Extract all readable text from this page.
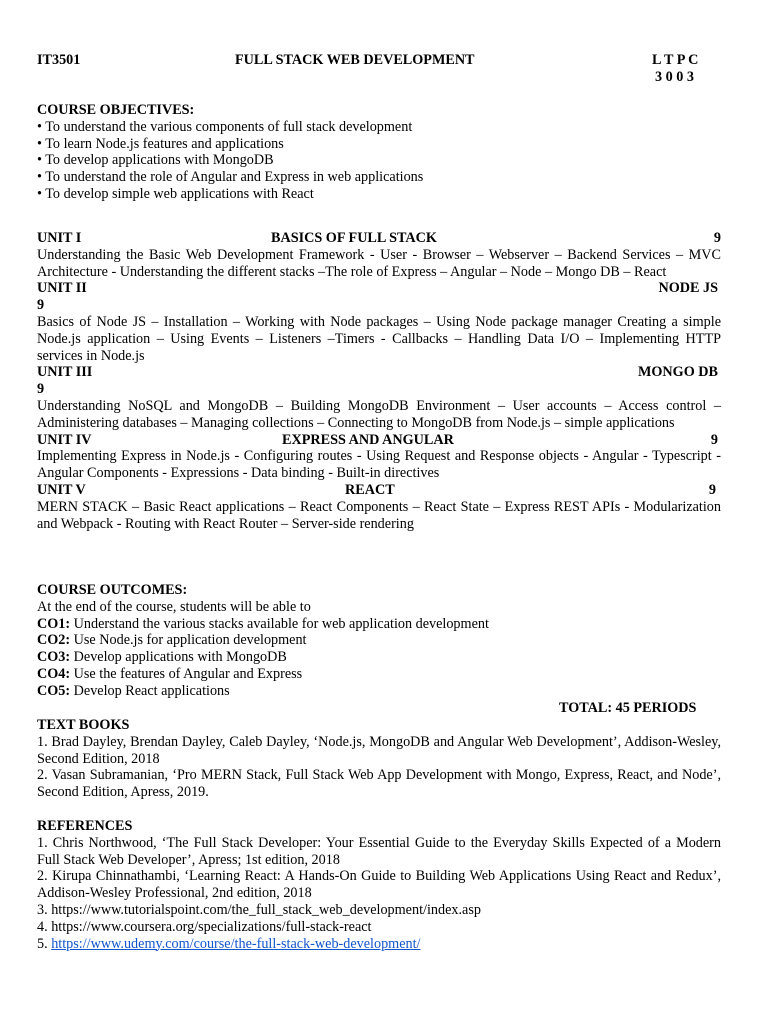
IT3501	FULL STACK WEB DEVELOPMENT	L T P C
3 0 0 3
COURSE OBJECTIVES:
• To understand the various components of full stack development
• To learn Node.js features and applications
• To develop applications with MongoDB
• To understand the role of Angular and Express in web applications
• To develop simple web applications with React
UNIT I	BASICS OF FULL STACK	9
Understanding the Basic Web Development Framework - User - Browser – Webserver – Backend Services – MVC Architecture - Understanding the different stacks –The role of Express – Angular – Node – Mongo DB – React
UNIT II	NODE JS
9
Basics of Node JS – Installation – Working with Node packages – Using Node package manager Creating a simple Node.js application – Using Events – Listeners –Timers - Callbacks – Handling Data I/O – Implementing HTTP services in Node.js
UNIT III	MONGO DB
9
Understanding NoSQL and MongoDB – Building MongoDB Environment – User accounts – Access control – Administering databases – Managing collections – Connecting to MongoDB from Node.js – simple applications
UNIT IV	EXPRESS AND ANGULAR	9
Implementing Express in Node.js - Configuring routes - Using Request and Response objects - Angular - Typescript - Angular Components - Expressions - Data binding - Built-in directives
UNIT V	REACT	9
MERN STACK – Basic React applications – React Components – React State – Express REST APIs - Modularization and Webpack - Routing with React Router – Server-side rendering
COURSE OUTCOMES:
At the end of the course, students will be able to
CO1: Understand the various stacks available for web application development
CO2: Use Node.js for application development
CO3: Develop applications with MongoDB
CO4: Use the features of Angular and Express
CO5: Develop React applications
TOTAL: 45 PERIODS
TEXT BOOKS
1. Brad Dayley, Brendan Dayley, Caleb Dayley, ‘Node.js, MongoDB and Angular Web Development’, Addison-Wesley, Second Edition, 2018
2. Vasan Subramanian, ‘Pro MERN Stack, Full Stack Web App Development with Mongo, Express, React, and Node’, Second Edition, Apress, 2019.
REFERENCES
1. Chris Northwood, ‘The Full Stack Developer: Your Essential Guide to the Everyday Skills Expected of a Modern Full Stack Web Developer’, Apress; 1st edition, 2018
2. Kirupa Chinnathambi, ‘Learning React: A Hands-On Guide to Building Web Applications Using React and Redux’, Addison-Wesley Professional, 2nd edition, 2018
3. https://www.tutorialspoint.com/the_full_stack_web_development/index.asp
4. https://www.coursera.org/specializations/full-stack-react
5. https://www.udemy.com/course/the-full-stack-web-development/
